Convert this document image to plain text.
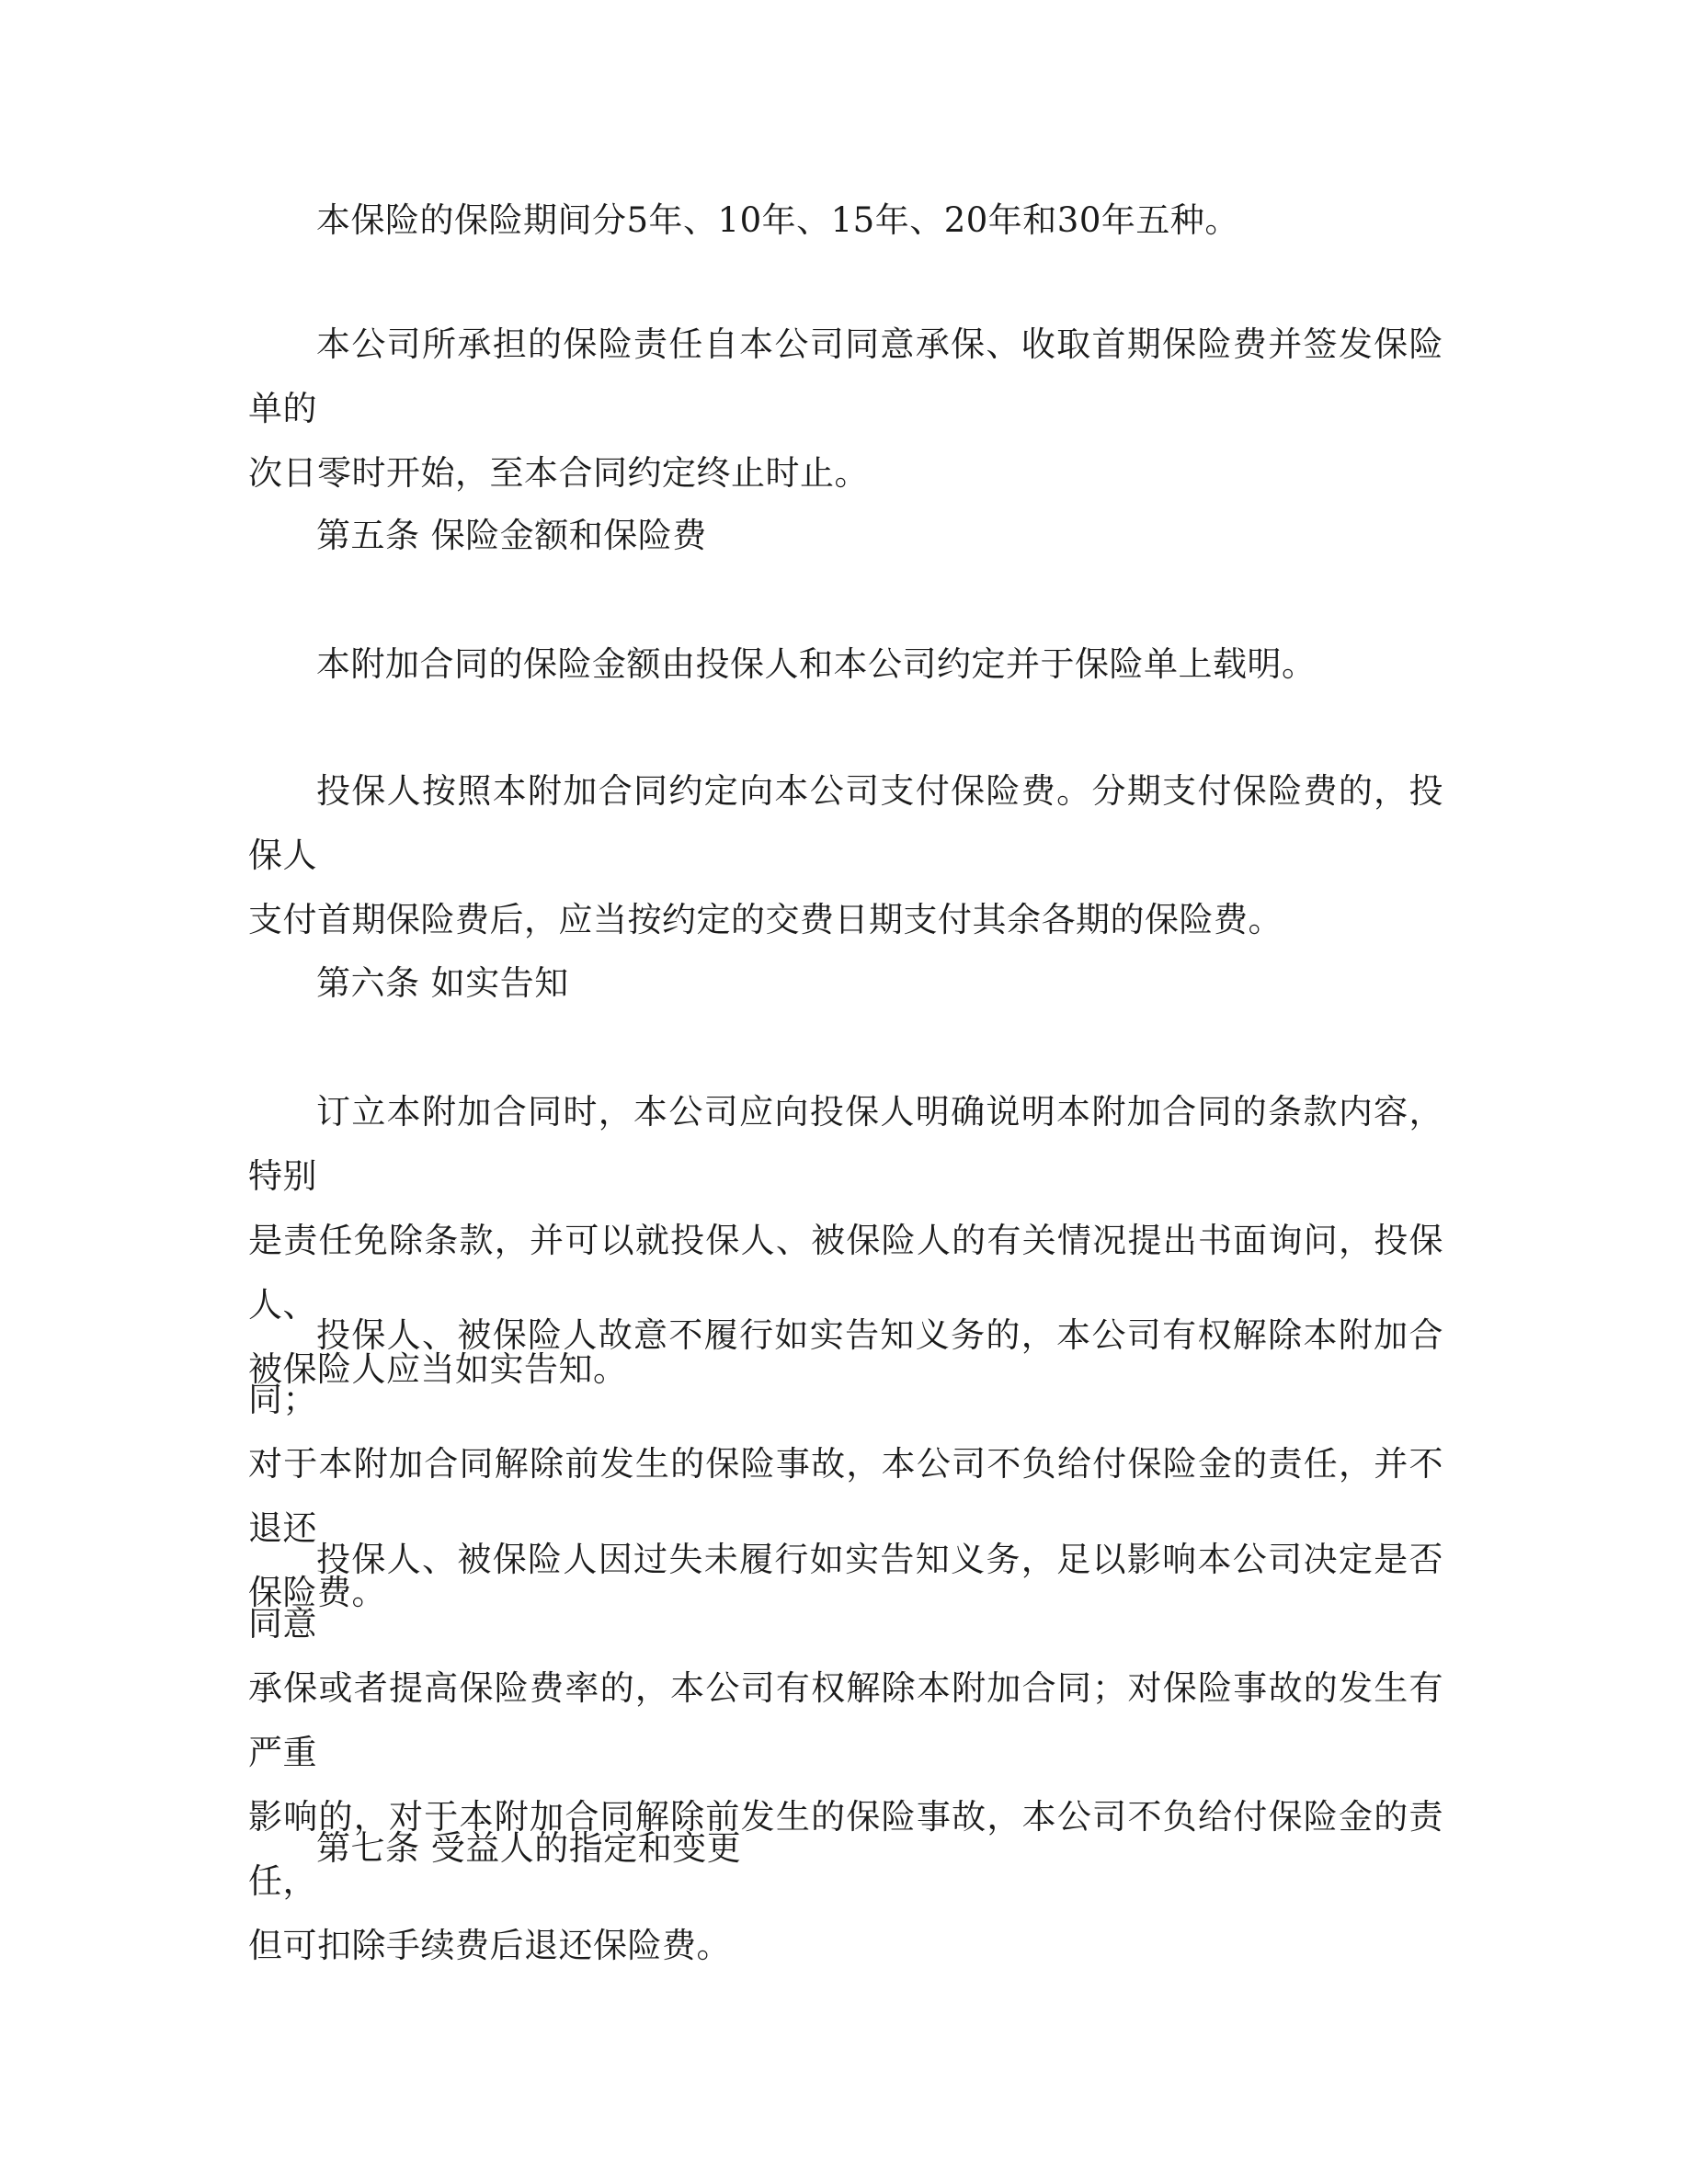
本保险的保险期间分5年、10年、15年、20年和30年五种。
本公司所承担的保险责任自本公司同意承保、收取首期保险费并签发保险单的
次日零时开始，至本合同约定终止时止。
第五条 保险金额和保险费
本附加合同的保险金额由投保人和本公司约定并于保险单上载明。
投保人按照本附加合同约定向本公司支付保险费。分期支付保险费的，投保人
支付首期保险费后，应当按约定的交费日期支付其余各期的保险费。
第六条 如实告知
订立本附加合同时，本公司应向投保人明确说明本附加合同的条款内容，特别
是责任免除条款，并可以就投保人、被保险人的有关情况提出书面询问，投保人、
被保险人应当如实告知。
投保人、被保险人故意不履行如实告知义务的，本公司有权解除本附加合同；
对于本附加合同解除前发生的保险事故，本公司不负给付保险金的责任，并不退还
保险费。
投保人、被保险人因过失未履行如实告知义务，足以影响本公司决定是否同意
承保或者提高保险费率的，本公司有权解除本附加合同；对保险事故的发生有严重
影响的，对于本附加合同解除前发生的保险事故，本公司不负给付保险金的责任，
但可扣除手续费后退还保险费。
第七条 受益人的指定和变更
